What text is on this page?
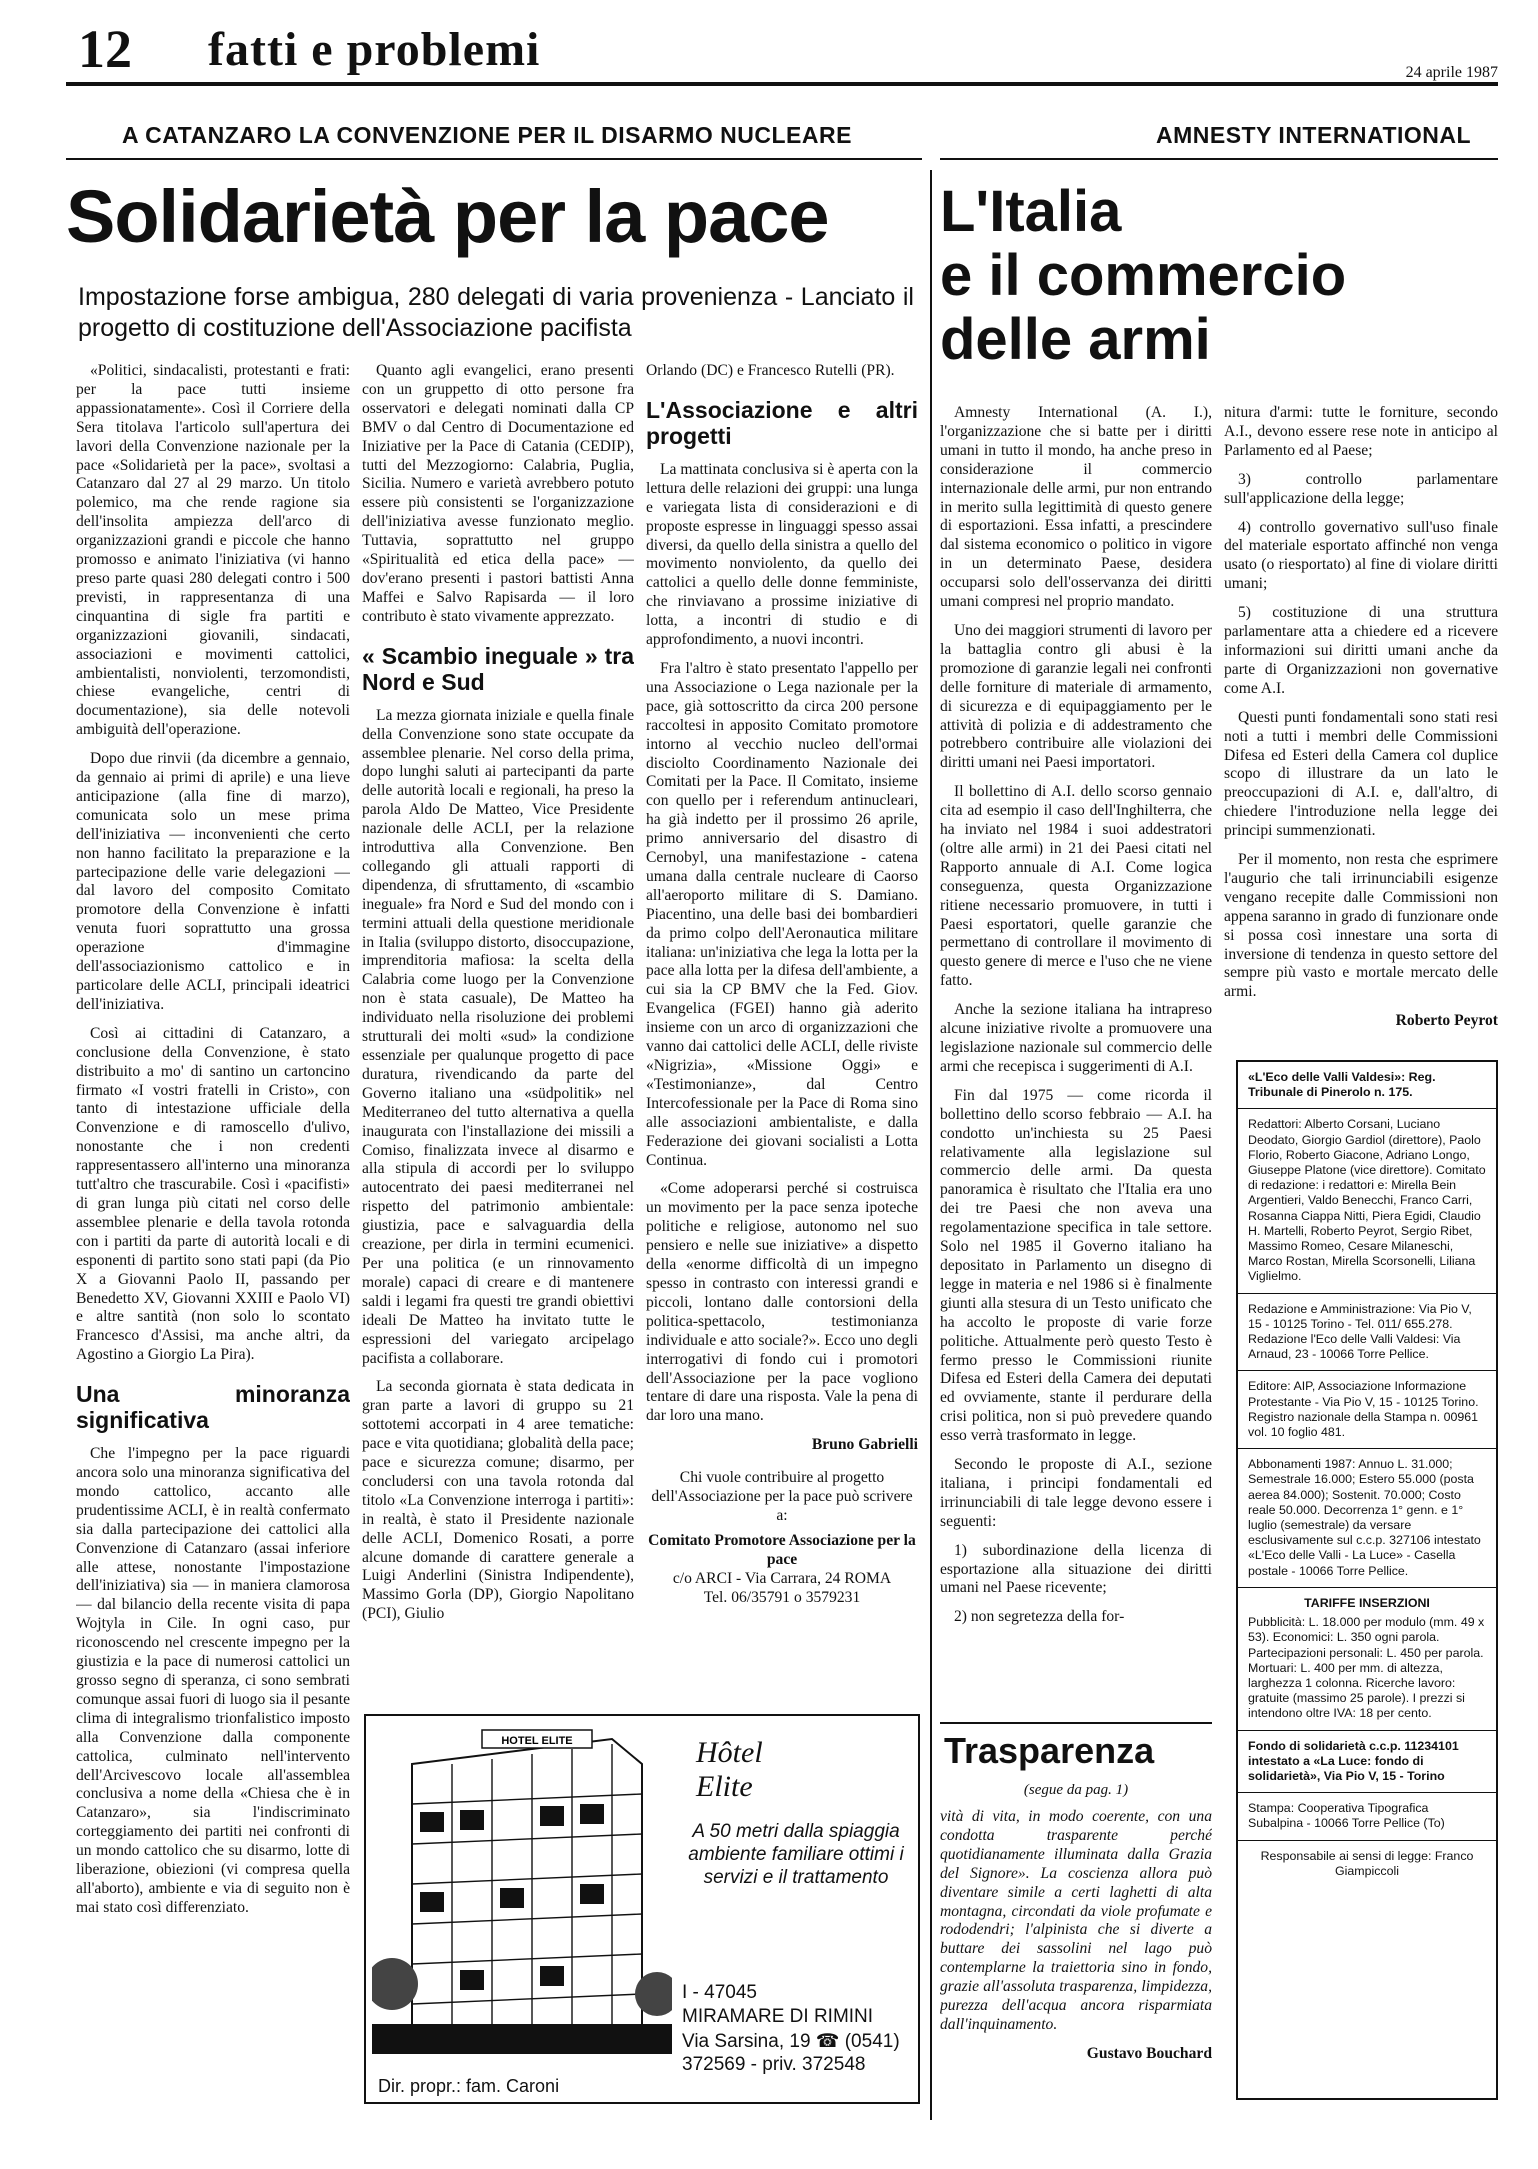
12 fatti e problemi	24 aprile 1987
A CATANZARO LA CONVENZIONE PER IL DISARMO NUCLEARE	AMNESTY INTERNATIONAL
Solidarietà per la pace
Impostazione forse ambigua, 280 delegati di varia provenienza - Lanciato il progetto di costituzione dell'Associazione pacifista

«Politici, sindacalisti, protestanti e frati: per la pace tutti insieme appassionatamente». Così il Corriere della Sera titolava l'articolo sull'apertura dei lavori della Convenzione nazionale per la pace «Solidarietà per la pace», svoltasi a Catanzaro dal 27 al 29 marzo. Un titolo polemico, ma che rende ragione sia dell'insolita ampiezza dell'arco di organizzazioni grandi e piccole che hanno promosso e animato l'iniziativa (vi hanno preso parte quasi 280 delegati contro i 500 previsti, in rappresentanza di una cinquantina di sigle fra partiti e organizzazioni giovanili, sindacati, associazioni e movimenti cattolici, ambientalisti, nonviolenti, terzomondisti, chiese evangeliche, centri di documentazione), sia delle notevoli ambiguità dell'operazione.

Dopo due rinvii (da dicembre a gennaio, da gennaio ai primi di aprile) e una lieve anticipazione (alla fine di marzo), comunicata solo un mese prima dell'iniziativa — inconvenienti che certo non hanno facilitato la preparazione e la partecipazione delle varie delegazioni — dal lavoro del composito Comitato promotore della Convenzione è infatti venuta fuori soprattutto una grossa operazione d'immagine dell'associazionismo cattolico e in particolare delle ACLI, principali ideatrici dell'iniziativa.

Così ai cittadini di Catanzaro, a conclusione della Convenzione, è stato distribuito a mo' di santino un cartoncino firmato «I vostri fratelli in Cristo», con tanto di intestazione ufficiale della Convenzione e di ramoscello d'ulivo, nonostante che i non credenti rappresentassero all'interno una minoranza tutt'altro che trascurabile. Così i «pacifisti» di gran lunga più citati nel corso delle assemblee plenarie e della tavola rotonda con i partiti da parte di autorità locali e di esponenti di partito sono stati papi (da Pio X a Giovanni Paolo II, passando per Benedetto XV, Giovanni XXIII e Paolo VI) e altre santità (non solo lo scontato Francesco d'Assisi, ma anche altri, da Agostino a Giorgio La Pira).

Una minoranza significativa

Che l'impegno per la pace riguardi ancora solo una minoranza significativa del mondo cattolico, accanto alle prudentissime ACLI, è in realtà confermato sia dalla partecipazione dei cattolici alla Convenzione di Catanzaro (assai inferiore alle attese, nonostante l'impostazione dell'iniziativa) sia — in maniera clamorosa — dal bilancio della recente visita di papa Wojtyla in Cile. In ogni caso, pur riconoscendo nel crescente impegno per la giustizia e la pace di numerosi cattolici un grosso segno di speranza, ci sono sembrati comunque assai fuori di luogo sia il pesante clima di integralismo trionfalistico imposto alla Convenzione dalla componente cattolica, culminato nell'intervento dell'Arcivescovo locale all'assemblea conclusiva a nome della «Chiesa che è in Catanzaro», sia l'indiscriminato corteggiamento dei partiti nei confronti di un mondo cattolico che su disarmo, lotte di liberazione, obiezioni (vi compresa quella all'aborto), ambiente e via di seguito non è mai stato così differenziato.

Quanto agli evangelici, erano presenti con un gruppetto di otto persone fra osservatori e delegati nominati dalla CP BMV o dal Centro di Documentazione ed Iniziative per la Pace di Catania (CEDIP), tutti del Mezzogiorno: Calabria, Puglia, Sicilia. Numero e varietà avrebbero potuto essere più consistenti se l'organizzazione dell'iniziativa avesse funzionato meglio. Tuttavia, soprattutto nel gruppo «Spiritualità ed etica della pace» — dov'erano presenti i pastori battisti Anna Maffei e Salvo Rapisarda — il loro contributo è stato vivamente apprezzato.

« Scambio ineguale » tra Nord e Sud

La mezza giornata iniziale e quella finale della Convenzione sono state occupate da assemblee plenarie. Nel corso della prima, dopo lunghi saluti ai partecipanti da parte delle autorità locali e regionali, ha preso la parola Aldo De Matteo, Vice Presidente nazionale delle ACLI, per la relazione introduttiva alla Convenzione. Ben collegando gli attuali rapporti di dipendenza, di sfruttamento, di «scambio ineguale» fra Nord e Sud del mondo con i termini attuali della questione meridionale in Italia (sviluppo distorto, disoccupazione, imprenditoria mafiosa: la scelta della Calabria come luogo per la Convenzione non è stata casuale), De Matteo ha individuato nella risoluzione dei problemi strutturali dei molti «sud» la condizione essenziale per qualunque progetto di pace duratura, rivendicando da parte del Governo italiano una «südpolitik» nel Mediterraneo del tutto alternativa a quella inaugurata con l'installazione dei missili a Comiso, finalizzata invece al disarmo e alla stipula di accordi per lo sviluppo autocentrato dei paesi mediterranei nel rispetto del patrimonio ambientale: giustizia, pace e salvaguardia della creazione, per dirla in termini ecumenici. Per una politica (e un rinnovamento morale) capaci di creare e di mantenere saldi i legami fra questi tre grandi obiettivi ideali De Matteo ha invitato tutte le espressioni del variegato arcipelago pacifista a collaborare.

La seconda giornata è stata dedicata in gran parte a lavori di gruppo su 21 sottotemi accorpati in 4 aree tematiche: pace e vita quotidiana; globalità della pace; pace e sicurezza comune; disarmo, per concludersi con una tavola rotonda dal titolo «La Convenzione interroga i partiti»: in realtà, è stato il Presidente nazionale delle ACLI, Domenico Rosati, a porre alcune domande di carattere generale a Luigi Anderlini (Sinistra Indipendente), Massimo Gorla (DP), Giorgio Napolitano (PCI), Giulio

Orlando (DC) e Francesco Rutelli (PR).

L'Associazione e altri progetti

La mattinata conclusiva si è aperta con la lettura delle relazioni dei gruppi: una lunga e variegata lista di considerazioni e di proposte espresse in linguaggi spesso assai diversi, da quello della sinistra a quello del movimento nonviolento, da quello dei cattolici a quello delle donne femministe, che rinviavano a prossime iniziative di lotta, a incontri di studio e di approfondimento, a nuovi incontri.

Fra l'altro è stato presentato l'appello per una Associazione o Lega nazionale per la pace, già sottoscritto da circa 200 persone raccoltesi in apposito Comitato promotore intorno al vecchio nucleo dell'ormai disciolto Coordinamento Nazionale dei Comitati per la Pace. Il Comitato, insieme con quello per i referendum antinucleari, ha già indetto per il prossimo 26 aprile, primo anniversario del disastro di Cernobyl, una manifestazione - catena umana dalla centrale nucleare di Caorso all'aeroporto militare di S. Damiano. Piacentino, una delle basi dei bombardieri da primo colpo dell'Aeronautica militare italiana: un'iniziativa che lega la lotta per la pace alla lotta per la difesa dell'ambiente, a cui sia la CP BMV che la Fed. Giov. Evangelica (FGEI) hanno già aderito insieme con un arco di organizzazioni che vanno dai cattolici delle ACLI, delle riviste «Nigrizia», «Missione Oggi» e «Testimonianze», dal Centro Intercofessionale per la Pace di Roma sino alle associazioni ambientaliste, e dalla Federazione dei giovani socialisti a Lotta Continua.

«Come adoperarsi perché si costruisca un movimento per la pace senza ipoteche politiche e religiose, autonomo nel suo pensiero e nelle sue iniziative» a dispetto della «enorme difficoltà di un impegno spesso in contrasto con interessi grandi e piccoli, lontano dalle contorsioni della politica-spettacolo, testimonianza individuale e atto sociale?». Ecco uno degli interrogativi di fondo cui i promotori dell'Associazione per la pace vogliono tentare di dare una risposta. Vale la pena di dar loro una mano.

Bruno Gabrielli
Chi vuole contribuire al progetto dell'Associazione per la pace può scrivere a:
Comitato Promotore Associazione per la pace
c/o ARCI - Via Carrara, 24 ROMA
Tel. 06/35791 o 3579231
HOTEL ELITE	Hôtel
Elite
A 50 metri dalla spiaggia ambiente familiare ottimi i servizi e il trattamento
I - 47045
MIRAMARE DI RIMINI
Via Sarsina, 19 ☎ (0541)
372569 - priv. 372548
Dir. propr.: fam. Caroni
L'Italia
e il commercio
delle armi

Amnesty International (A. I.), l'organizzazione che si batte per i diritti umani in tutto il mondo, ha anche preso in considerazione il commercio internazionale delle armi, pur non entrando in merito sulla legittimità di questo genere di esportazioni. Essa infatti, a prescindere dal sistema economico o politico in vigore in un determinato Paese, desidera occuparsi solo dell'osservanza dei diritti umani compresi nel proprio mandato.

Uno dei maggiori strumenti di lavoro per la battaglia contro gli abusi è la promozione di garanzie legali nei confronti delle forniture di materiale di armamento, di sicurezza e di equipaggiamento per le attività di polizia e di addestramento che potrebbero contribuire alle violazioni dei diritti umani nei Paesi importatori.

Il bollettino di A.I. dello scorso gennaio cita ad esempio il caso dell'Inghilterra, che ha inviato nel 1984 i suoi addestratori (oltre alle armi) in 21 dei Paesi citati nel Rapporto annuale di A.I. Come logica conseguenza, questa Organizzazione ritiene necessario promuovere, in tutti i Paesi esportatori, quelle garanzie che permettano di controllare il movimento di questo genere di merce e l'uso che ne viene fatto.

Anche la sezione italiana ha intrapreso alcune iniziative rivolte a promuovere una legislazione nazionale sul commercio delle armi che recepisca i suggerimenti di A.I.

Fin dal 1975 — come ricorda il bollettino dello scorso febbraio — A.I. ha condotto un'inchiesta su 25 Paesi relativamente alla legislazione sul commercio delle armi. Da questa panoramica è risultato che l'Italia era uno dei tre Paesi che non aveva una regolamentazione specifica in tale settore. Solo nel 1985 il Governo italiano ha depositato in Parlamento un disegno di legge in materia e nel 1986 si è finalmente giunti alla stesura di un Testo unificato che ha accolto le proposte di varie forze politiche. Attualmente però questo Testo è fermo presso le Commissioni riunite Difesa ed Esteri della Camera dei deputati ed ovviamente, stante il perdurare della crisi politica, non si può prevedere quando esso verrà trasformato in legge.

Secondo le proposte di A.I., sezione italiana, i principi fondamentali ed irrinunciabili di tale legge devono essere i seguenti:

1) subordinazione della licenza di esportazione alla situazione dei diritti umani nel Paese ricevente;

2) non segretezza della for-

nitura d'armi: tutte le forniture, secondo A.I., devono essere rese note in anticipo al Parlamento ed al Paese;

3) controllo parlamentare sull'applicazione della legge;

4) controllo governativo sull'uso finale del materiale esportato affinché non venga usato (o riesportato) al fine di violare diritti umani;

5) costituzione di una struttura parlamentare atta a chiedere ed a ricevere informazioni sui diritti umani anche da parte di Organizzazioni non governative come A.I.

Questi punti fondamentali sono stati resi noti a tutti i membri delle Commissioni Difesa ed Esteri della Camera col duplice scopo di illustrare da un lato le preoccupazioni di A.I. e, dall'altro, di chiedere l'introduzione nella legge dei principi summenzionati.

Per il momento, non resta che esprimere l'augurio che tali irrinunciabili esigenze vengano recepite dalle Commissioni non appena saranno in grado di funzionare onde si possa così innestare una sorta di inversione di tendenza in questo settore del sempre più vasto e mortale mercato delle armi.

Roberto Peyrot
Trasparenza
(segue da pag. 1)

vità di vita, in modo coerente, con una condotta trasparente perché quotidianamente illuminata dalla Grazia del Signore». La coscienza allora può diventare simile a certi laghetti di alta montagna, circondati da viole profumate e rododendri; l'alpinista che si diverte a buttare dei sassolini nel lago può contemplarne la traiettoria sino in fondo, grazie all'assoluta trasparenza, limpidezza, purezza dell'acqua ancora risparmiata dall'inquinamento.

Gustavo Bouchard
«L'Eco delle Valli Valdesi»: Reg. Tribunale di Pinerolo n. 175.
Redattori: Alberto Corsani, Luciano Deodato, Giorgio Gardiol (direttore), Paolo Florio, Roberto Giacone, Adriano Longo, Giuseppe Platone (vice direttore). Comitato di redazione: i redattori e: Mirella Bein Argentieri, Valdo Benecchi, Franco Carri, Rosanna Ciappa Nitti, Piera Egidi, Claudio H. Martelli, Roberto Peyrot, Sergio Ribet, Massimo Romeo, Cesare Milaneschi, Marco Rostan, Mirella Scorsonelli, Liliana Viglielmo.
Redazione e Amministrazione: Via Pio V, 15 - 10125 Torino - Tel. 011/ 655.278. Redazione l'Eco delle Valli Valdesi: Via Arnaud, 23 - 10066 Torre Pellice.
Editore: AIP, Associazione Informazione Protestante - Via Pio V, 15 - 10125 Torino. Registro nazionale della Stampa n. 00961 vol. 10 foglio 481.
Abbonamenti 1987: Annuo L. 31.000; Semestrale 16.000; Estero 55.000 (posta aerea 84.000); Sostenit. 70.000; Costo reale 50.000. Decorrenza 1° genn. e 1° luglio (semestrale) da versare esclusivamente sul c.c.p. 327106 intestato «L'Eco delle Valli - La Luce» - Casella postale - 10066 Torre Pellice.
TARIFFE INSERZIONI
Pubblicità: L. 18.000 per modulo (mm. 49 x 53). Economici: L. 350 ogni parola. Partecipazioni personali: L. 450 per parola. Mortuari: L. 400 per mm. di altezza, larghezza 1 colonna. Ricerche lavoro: gratuite (massimo 25 parole). I prezzi si intendono oltre IVA: 18 per cento.
Fondo di solidarietà c.c.p. 11234101 intestato a «La Luce: fondo di solidarietà», Via Pio V, 15 - Torino
Stampa: Cooperativa Tipografica Subalpina - 10066 Torre Pellice (To)
Responsabile ai sensi di legge: Franco Giampiccoli
